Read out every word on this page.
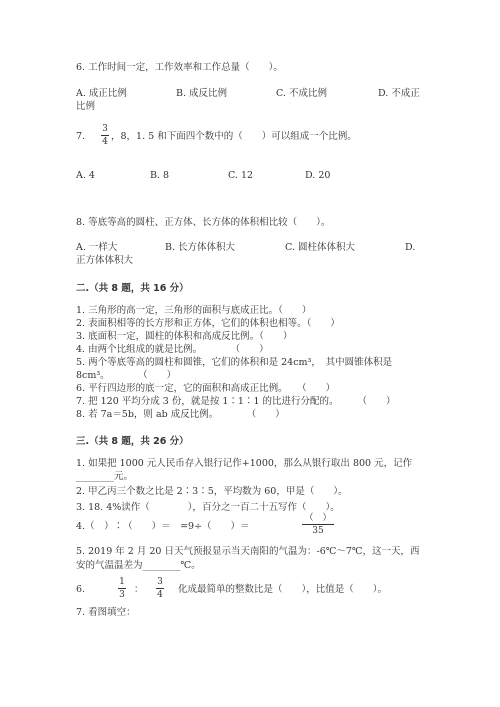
6. 工作时间一定，工作效率和工作总量（　　）。
A. 成正比例	B. 成反比例	C. 不成比例	D. 不成正
比例
7.
3
4 ，8，1. 5 和下面四个数中的（　　）可以组成一个比例。
A. 4	B. 8	C. 12	D. 20
8. 等底等高的圆柱、正方体、长方体的体积相比较（　　）。
A. 一样大	B. 长方体体积大	C. 圆柱体体积大	D.
正方体体积大
二.（共 8 题，共 16 分）
1. 三角形的高一定，三角形的面积与底成正比。（　　）
2. 表面积相等的长方形和正方体，它们的体积也相等。（　　）
3. 底面积一定，圆柱的体积和高成反比例。（　　）
4. 由两个比组成的就是比例。　　　　（　　）
5. 两个等底等高的圆柱和圆锥，它们的体积和是 24cm³，　其中圆锥体积是
8cm³。　　　　（　　）
6. 平行四边形的底一定，它的面积和高成正比例。　　（　　）
7. 把 120 平均分成 3 份，就是按 1∶1∶1 的比进行分配的。　　　（　　）
8. 若 7a＝5b，则 ab 成反比例。　　　　（　　）
三.（共 8 题，共 26 分）
1. 如果把 1000 元人民币存入银行记作+1000，那么从银行取出 800 元，记作
________元。
2. 甲乙丙三个数之比是 2∶3∶5，平均数为 60，甲是（　　）。
3. 18. 4%读作（　　　　），百分之一百二十五写作（　　）。
4.（　）∶（　　）＝　=9÷（　　）＝
（　）
35
5. 2019 年 2 月 20 日天气预报显示当天南阳的气温为：-6℃～7℃，这一天，西
安的气温温差为________℃。
6.
1
3 ：
3
4 化成最简单的整数比是（　　），比值是（　　）。
7. 看图填空：
